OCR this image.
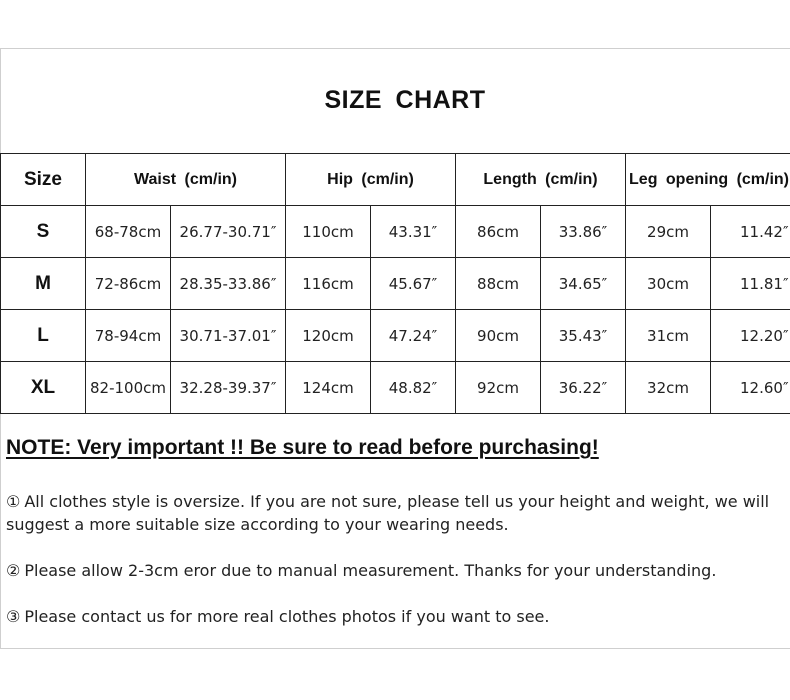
SIZE CHART
Size	Waist (cm/in)		Hip (cm/in)		Length (cm/in)		Leg opening (cm/in)	
S	68-78cm	26.77-30.71″	110cm	43.31″	86cm	33.86″	29cm	11.42″
M	72-86cm	28.35-33.86″	116cm	45.67″	88cm	34.65″	30cm	11.81″
L	78-94cm	30.71-37.01″	120cm	47.24″	90cm	35.43″	31cm	12.20″
XL	82-100cm	32.28-39.37″	124cm	48.82″	92cm	36.22″	32cm	12.60″
NOTE: Very important !! Be sure to read before purchasing!

① All clothes style is oversize. If you are not sure, please tell us your height and weight, we will suggest a more suitable size according to your wearing needs.

② Please allow 2-3cm eror due to manual measurement. Thanks for your understanding.

③ Please contact us for more real clothes photos if you want to see.
